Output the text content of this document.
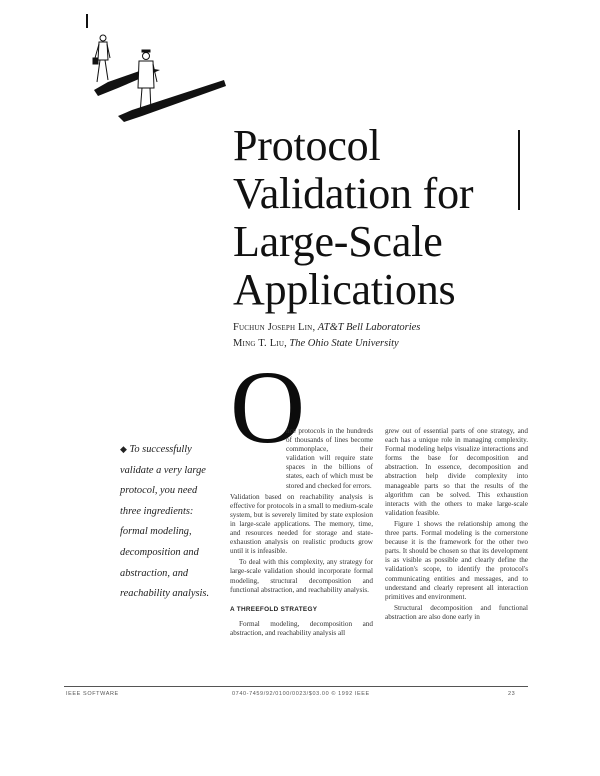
Protocol
Validation for
Large-Scale
Applications
Fuchun Joseph Lin, AT&T Bell Laboratories
Ming T. Liu, The Ohio State University
O

◆ To successfully validate a very large protocol, you need three ingredients: formal modeling, decomposition and abstraction, and reachability analysis.

nce protocols in the hundreds of thousands of lines become commonplace, their validation will require state spaces in the billions of states, each of which must be stored and checked for errors.

Validation based on reachability analysis is effective for protocols in a small to medium-scale system, but is severely limited by state explosion in large-scale applications. The memory, time, and resources needed for storage and state-exhaustion analysis on realistic products grow until it is infeasible.

To deal with this complexity, any strategy for large-scale validation should incorporate formal modeling, structural decomposition and functional abstraction, and reachability analysis.

A THREEFOLD STRATEGY

Formal modeling, decomposition and abstraction, and reachability analysis all

grew out of essential parts of one strategy, and each has a unique role in managing complexity. Formal modeling helps visualize interactions and forms the base for decomposition and abstraction. In essence, decomposition and abstraction help divide complexity into manageable parts so that the results of the algorithm can be solved. This exhaustion interacts with the others to make large-scale validation feasible.

Figure 1 shows the relationship among the three parts. Formal modeling is the cornerstone because it is the framework for the other two parts. It should be chosen so that its development is as visible as possible and clearly define the validation's scope, to identify the protocol's communicating entities and messages, and to understand and clearly represent all interaction primitives and environment.

Structural decomposition and functional abstraction are also done early in

IEEE SOFTWARE	0740-7459/92/0100/0023/$03.00 © 1992 IEEE	23
